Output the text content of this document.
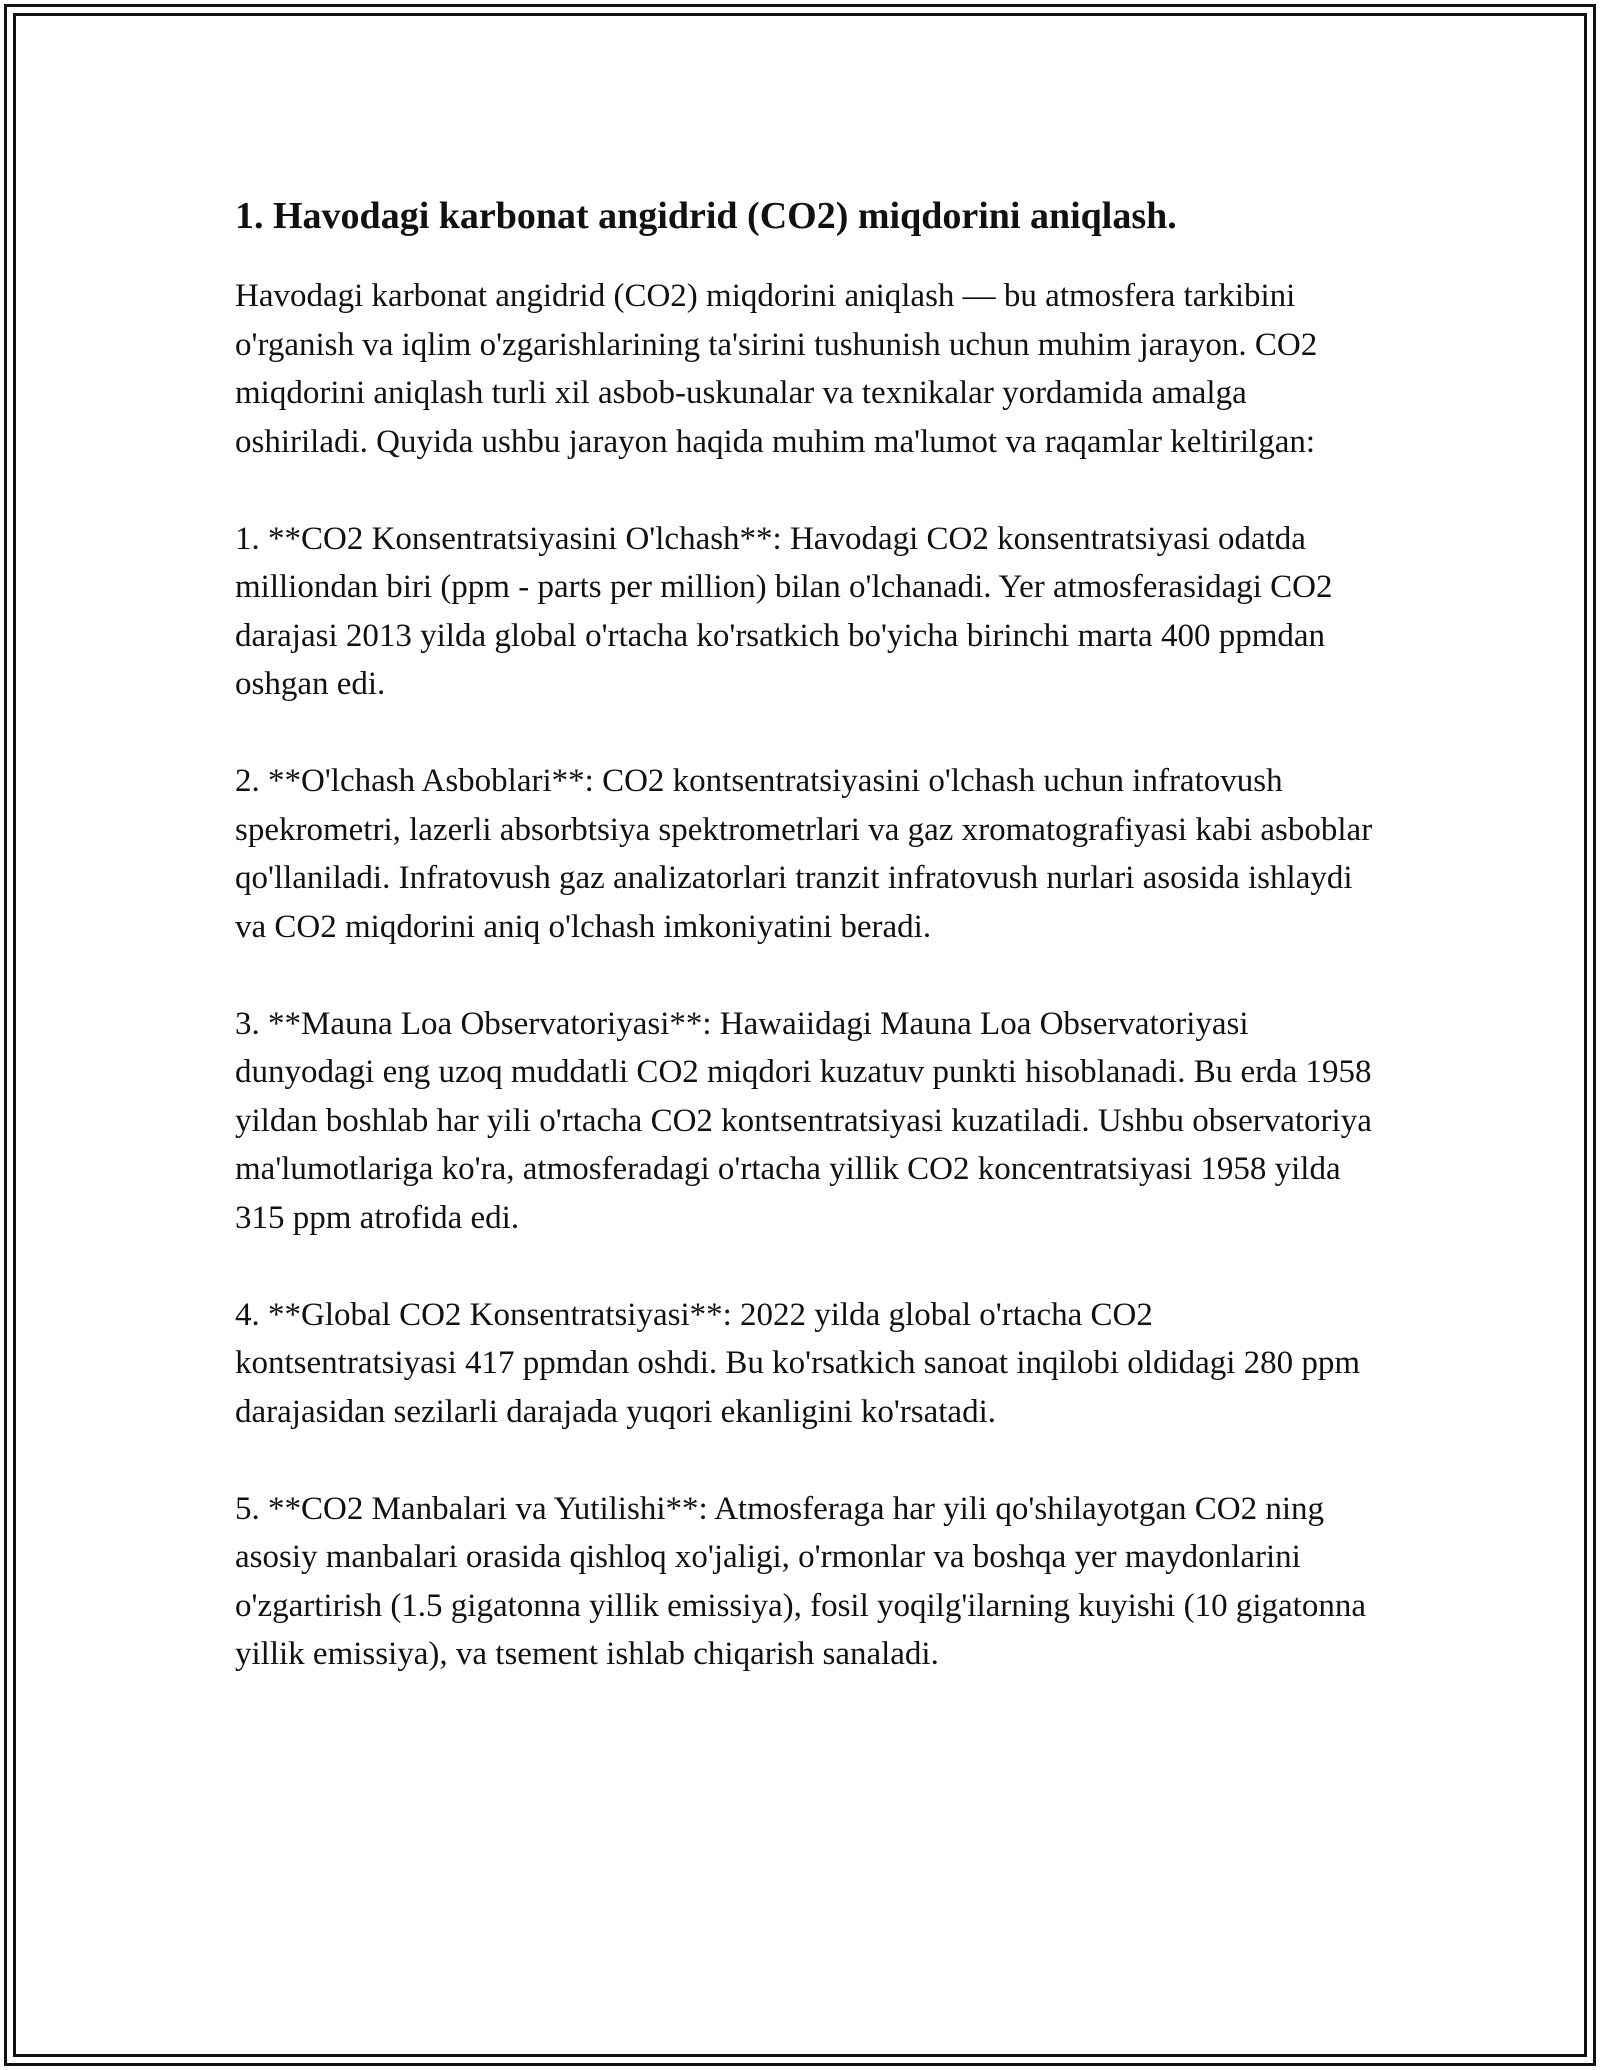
1. Havodagi karbonat angidrid (CO2) miqdorini aniqlash.

Havodagi karbonat angidrid (CO2) miqdorini aniqlash — bu atmosfera tarkibini o'rganish va iqlim o'zgarishlarining ta'sirini tushunish uchun muhim jarayon. CO2 miqdorini aniqlash turli xil asbob-uskunalar va texnikalar yordamida amalga oshiriladi. Quyida ushbu jarayon haqida muhim ma'lumot va raqamlar keltirilgan:

1. **CO2 Konsentratsiyasini O'lchash**: Havodagi CO2 konsentratsiyasi odatda milliondan biri (ppm - parts per million) bilan o'lchanadi. Yer atmosferasidagi CO2 darajasi 2013 yilda global o'rtacha ko'rsatkich bo'yicha birinchi marta 400 ppmdan oshgan edi.

2. **O'lchash Asboblari**: CO2 kontsentratsiyasini o'lchash uchun infratovush spekrometri, lazerli absorbtsiya spektrometrlari va gaz xromatografiyasi kabi asboblar qo'llaniladi. Infratovush gaz analizatorlari tranzit infratovush nurlari asosida ishlaydi va CO2 miqdorini aniq o'lchash imkoniyatini beradi.

3. **Mauna Loa Observatoriyasi**: Hawaiidagi Mauna Loa Observatoriyasi dunyodagi eng uzoq muddatli CO2 miqdori kuzatuv punkti hisoblanadi. Bu erda 1958 yildan boshlab har yili o'rtacha CO2 kontsentratsiyasi kuzatiladi. Ushbu observatoriya ma'lumotlariga ko'ra, atmosferadagi o'rtacha yillik CO2 koncentratsiyasi 1958 yilda 315 ppm atrofida edi.

4. **Global CO2 Konsentratsiyasi**: 2022 yilda global o'rtacha CO2 kontsentratsiyasi 417 ppmdan oshdi. Bu ko'rsatkich sanoat inqilobi oldidagi 280 ppm darajasidan sezilarli darajada yuqori ekanligini ko'rsatadi.

5. **CO2 Manbalari va Yutilishi**: Atmosferaga har yili qo'shilayotgan CO2 ning asosiy manbalari orasida qishloq xo'jaligi, o'rmonlar va boshqa yer maydonlarini o'zgartirish (1.5 gigatonna yillik emissiya), fosil yoqilg'ilarning kuyishi (10 gigatonna yillik emissiya), va tsement ishlab chiqarish sanaladi.
